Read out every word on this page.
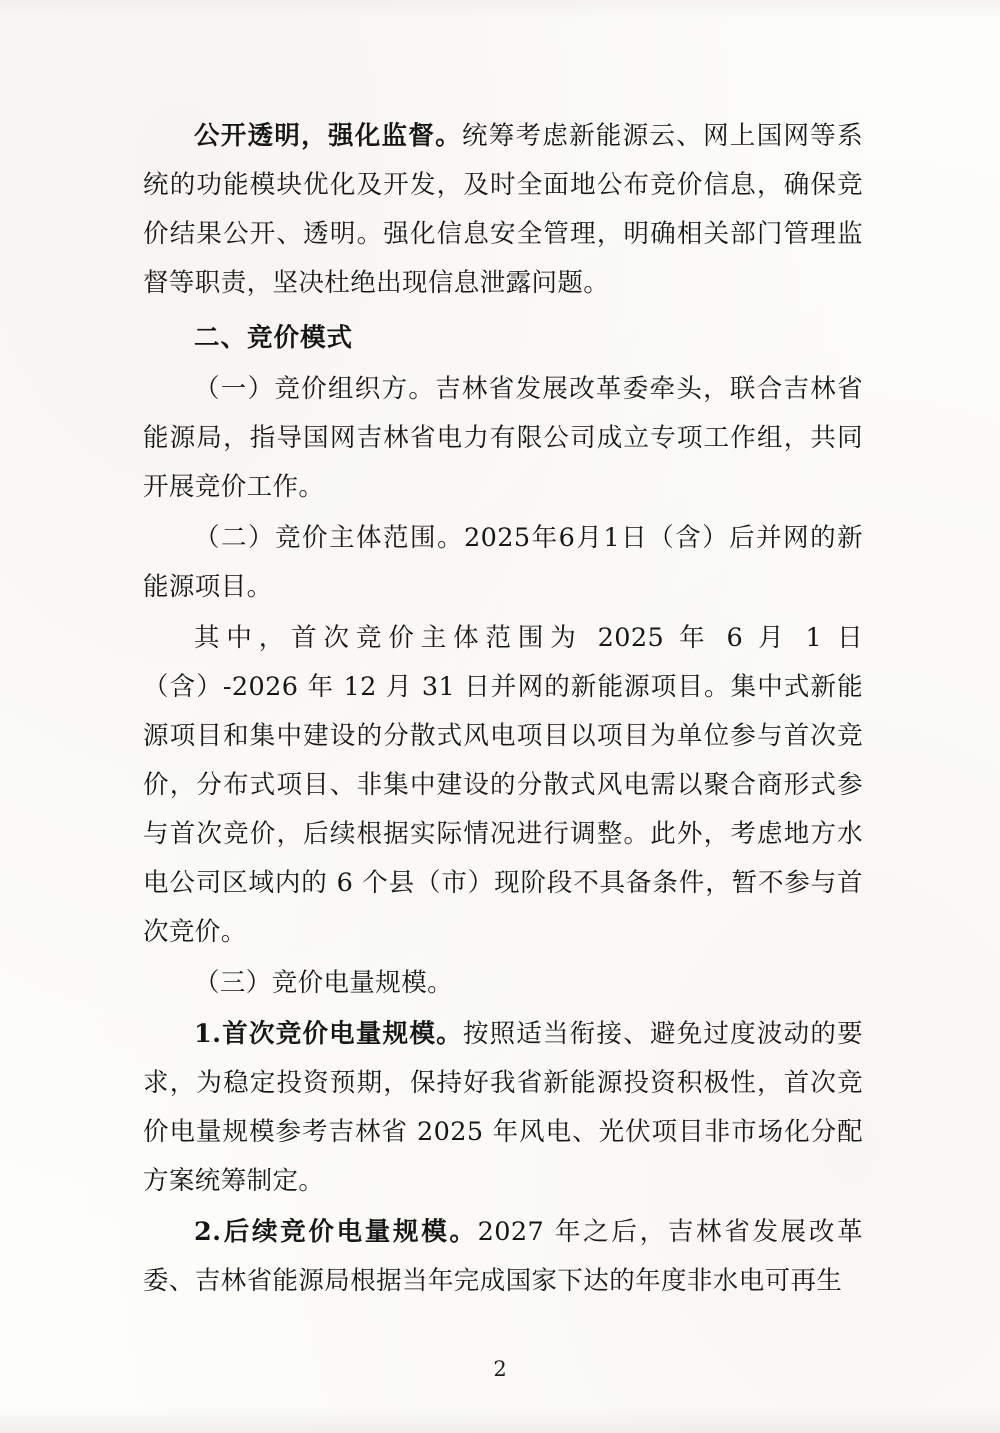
公开透明，强化监督。统筹考虑新能源云、网上国网等系统的功能模块优化及开发，及时全面地公布竞价信息，确保竞价结果公开、透明。强化信息安全管理，明确相关部门管理监督等职责，坚决杜绝出现信息泄露问题。

二、竞价模式

（一）竞价组织方。吉林省发展改革委牵头，联合吉林省能源局，指导国网吉林省电力有限公司成立专项工作组，共同开展竞价工作。

（二）竞价主体范围。2025年6月1日（含）后并网的新能源项目。

其中，首次竞价主体范围为 2025 年 6 月 1 日（含）-2026 年 12 月 31 日并网的新能源项目。集中式新能源项目和集中建设的分散式风电项目以项目为单位参与首次竞价，分布式项目、非集中建设的分散式风电需以聚合商形式参与首次竞价，后续根据实际情况进行调整。此外，考虑地方水电公司区域内的 6 个县（市）现阶段不具备条件，暂不参与首次竞价。

（三）竞价电量规模。

1.首次竞价电量规模。按照适当衔接、避免过度波动的要求，为稳定投资预期，保持好我省新能源投资积极性，首次竞价电量规模参考吉林省 2025 年风电、光伏项目非市场化分配方案统筹制定。

2.后续竞价电量规模。2027 年之后，吉林省发展改革委、吉林省能源局根据当年完成国家下达的年度非水电可再生

2
